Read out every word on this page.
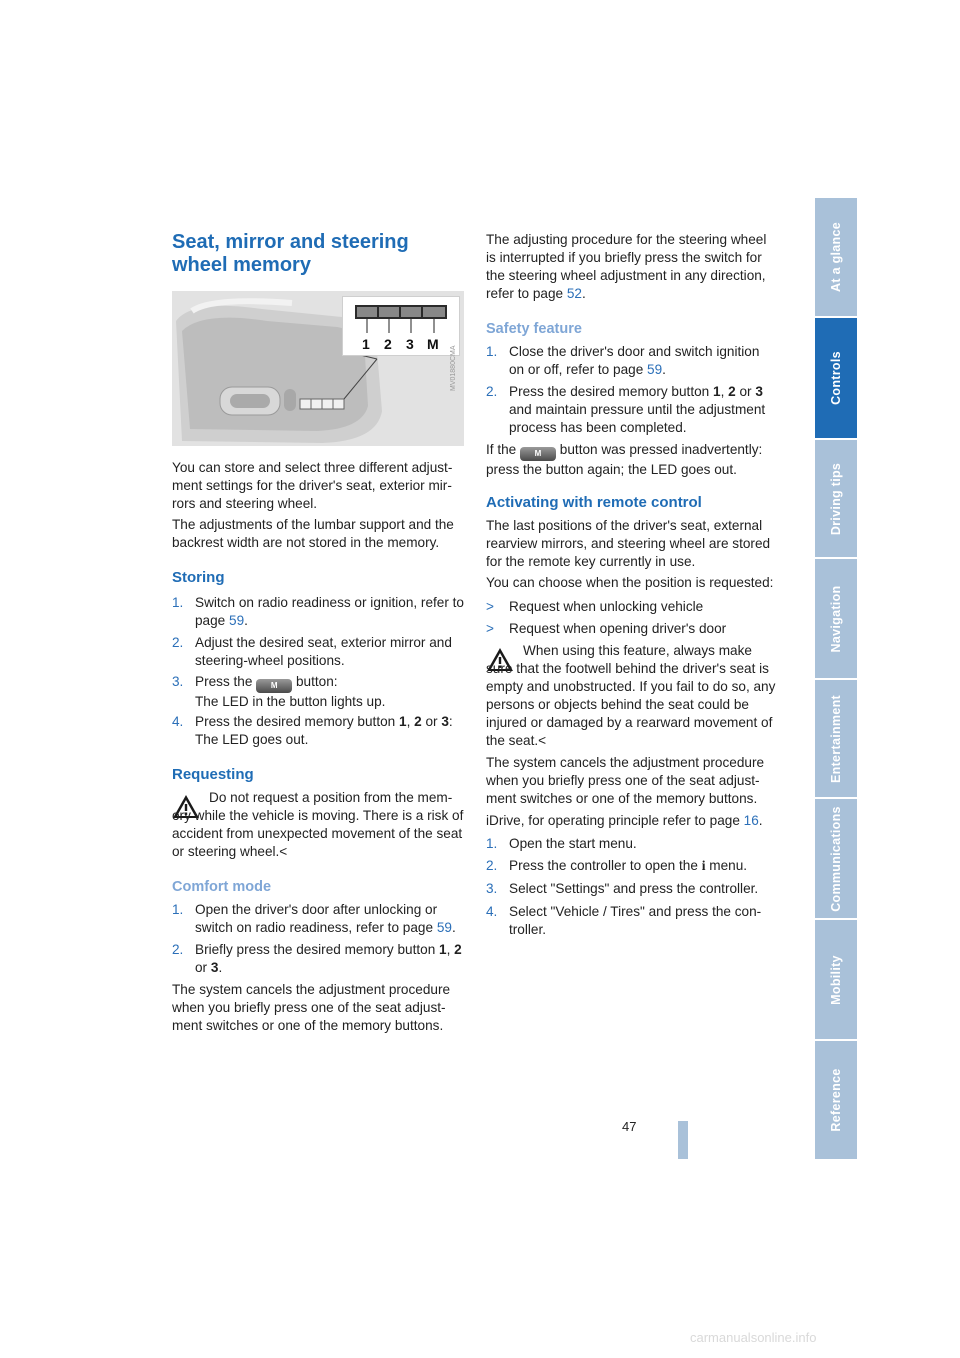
At a glance
Controls
Driving tips
Navigation
Entertainment
Communications
Mobility
Reference
47
Seat, mirror and steering wheel memory
1 2 3 M
MV01880CMA

You can store and select three different adjust-ment settings for the driver's seat, exterior mir-rors and steering wheel.

The adjustments of the lumbar support and the backrest width are not stored in the memory.

Storing
1. Switch on radio readiness or ignition, refer to page 59.
2. Adjust the desired seat, exterior mirror and steering-wheel positions.
3. Press the M button:
The LED in the button lights up.
4. Press the desired memory button 1, 2 or 3:
The LED goes out.
Requesting

Do not request a position from the mem-ory while the vehicle is moving. There is a risk of accident from unexpected movement of the seat or steering wheel.<

Comfort mode
1. Open the driver's door after unlocking or switch on radio readiness, refer to page 59.
2. Briefly press the desired memory button 1, 2 or 3.

The system cancels the adjustment procedure when you briefly press one of the seat adjust-ment switches or one of the memory buttons.

The adjusting procedure for the steering wheel is interrupted if you briefly press the switch for the steering wheel adjustment in any direction, refer to page 52.

Safety feature
1. Close the driver's door and switch ignition on or off, refer to page 59.
2. Press the desired memory button 1, 2 or 3 and maintain pressure until the adjustment process has been completed.

If the M button was pressed inadvertently: press the button again; the LED goes out.

Activating with remote control

The last positions of the driver's seat, external rearview mirrors, and steering wheel are stored for the remote key currently in use.

You can choose when the position is requested:

> Request when unlocking vehicle
> Request when opening driver's door

When using this feature, always make sure that the footwell behind the driver's seat is empty and unobstructed. If you fail to do so, any persons or objects behind the seat could be injured or damaged by a rearward movement of the seat.<

The system cancels the adjustment procedure when you briefly press one of the seat adjust-ment switches or one of the memory buttons.

iDrive, for operating principle refer to page 16.

1. Open the start menu.
2. Press the controller to open the i menu.
3. Select "Settings" and press the controller.
4. Select "Vehicle / Tires" and press the con-troller.
carmanualsonline.info
